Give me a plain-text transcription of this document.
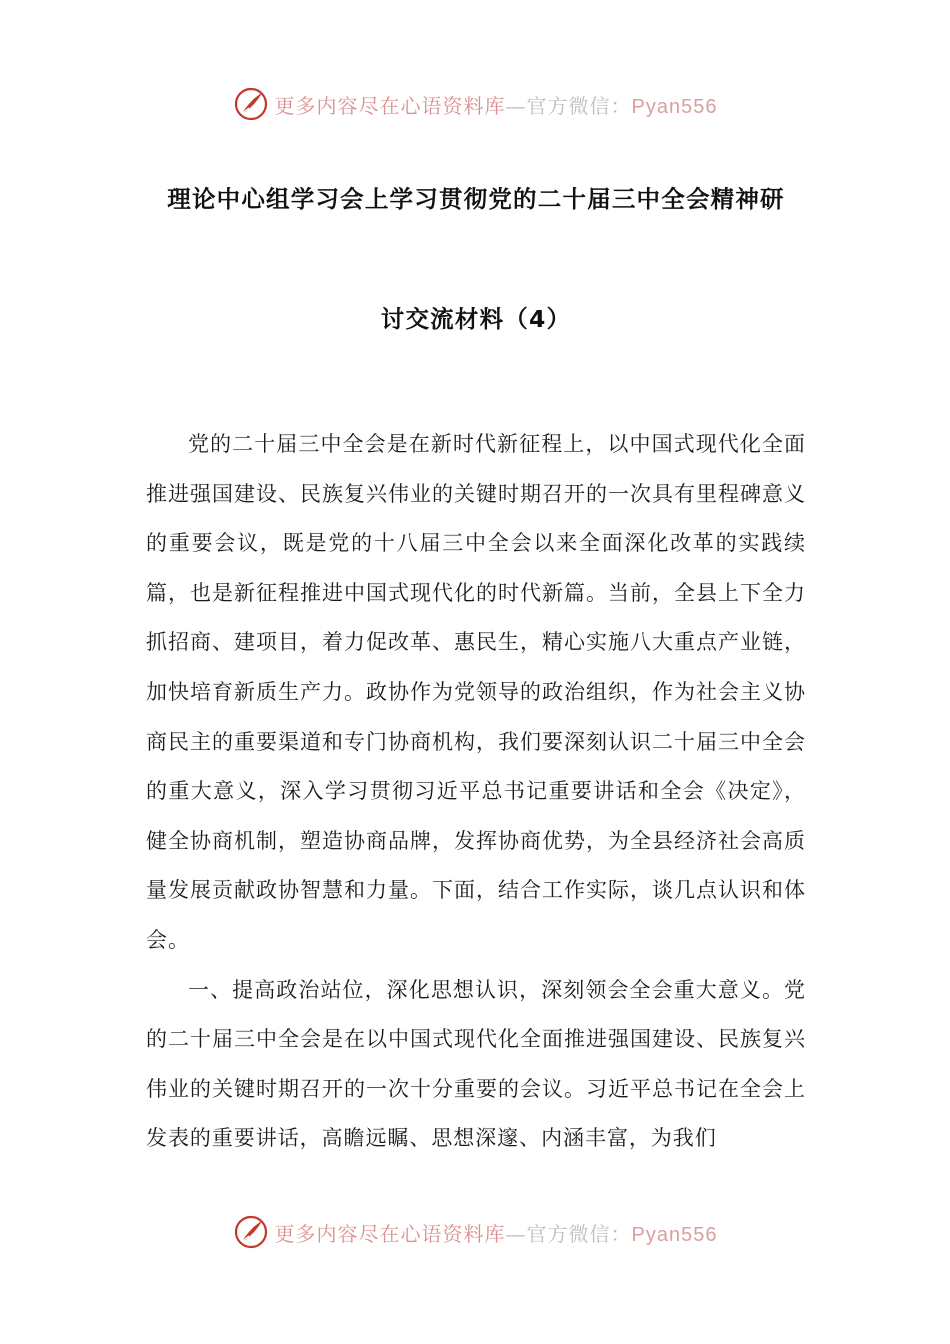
更多内容尽在心语资料库—官方微信：Pyan556
理论中心组学习会上学习贯彻党的二十届三中全会精神研
讨交流材料（4）

党的二十届三中全会是在新时代新征程上，以中国式现代化全面推进强国建设、民族复兴伟业的关键时期召开的一次具有里程碑意义的重要会议，既是党的十八届三中全会以来全面深化改革的实践续篇，也是新征程推进中国式现代化的时代新篇。当前，全县上下全力抓招商、建项目，着力促改革、惠民生，精心实施八大重点产业链，加快培育新质生产力。政协作为党领导的政治组织，作为社会主义协商民主的重要渠道和专门协商机构，我们要深刻认识二十届三中全会的重大意义，深入学习贯彻习近平总书记重要讲话和全会《决定》，健全协商机制，塑造协商品牌，发挥协商优势，为全县经济社会高质量发展贡献政协智慧和力量。下面，结合工作实际，谈几点认识和体会。

一、提高政治站位，深化思想认识，深刻领会全会重大意义。党的二十届三中全会是在以中国式现代化全面推进强国建设、民族复兴伟业的关键时期召开的一次十分重要的会议。习近平总书记在全会上发表的重要讲话，高瞻远瞩、思想深邃、内涵丰富，为我们

更多内容尽在心语资料库—官方微信：Pyan556
